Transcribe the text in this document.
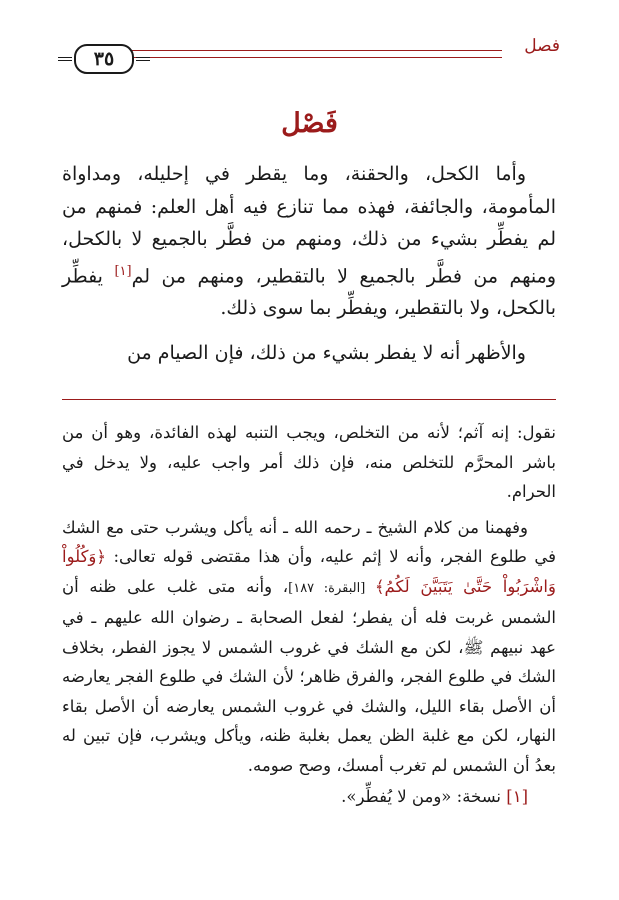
٣٥
فصل
فَصْل

وأما الكحل، والحقنة، وما يقطر في إحليله، ومداواة المأمومة، والجائفة، فهذه مما تنازع فيه أهل العلم: فمنهم من لم يفطِّر بشيء من ذلك، ومنهم من فطَّر بالجميع لا بالكحل، ومنهم من فطَّر بالجميع لا بالتقطير، ومنهم من لم[١] يفطِّر بالكحل، ولا بالتقطير، ويفطِّر بما سوى ذلك.

والأظهر أنه لا يفطر بشيء من ذلك، فإن الصيام من

نقول: إنه آثم؛ لأنه من التخلص، ويجب التنبه لهذه الفائدة، وهو أن من باشر المحرَّم للتخلص منه، فإن ذلك أمر واجب عليه، ولا يدخل في الحرام.

وفهمنا من كلام الشيخ ـ رحمه الله ـ أنه يأكل ويشرب حتى مع الشك في طلوع الفجر، وأنه لا إثم عليه، وأن هذا مقتضى قوله تعالى: ﴿وَكُلُواْ وَاشْرَبُواْ حَتَّىٰ يَتَبَيَّنَ لَكُمُ﴾ [البقرة: ١٨٧]، وأنه متى غلب على ظنه أن الشمس غربت فله أن يفطر؛ لفعل الصحابة ـ رضوان الله عليهم ـ في عهد نبيهم ﷺ، لكن مع الشك في غروب الشمس لا يجوز الفطر، بخلاف الشك في طلوع الفجر، والفرق ظاهر؛ لأن الشك في طلوع الفجر يعارضه أن الأصل بقاء الليل، والشك في غروب الشمس يعارضه أن الأصل بقاء النهار، لكن مع غلبة الظن يعمل بغلبة ظنه، ويأكل ويشرب، فإن تبين له بعدُ أن الشمس لم تغرب أمسك، وصح صومه.

[١] نسخة: «ومن لا يُفطِّر».
